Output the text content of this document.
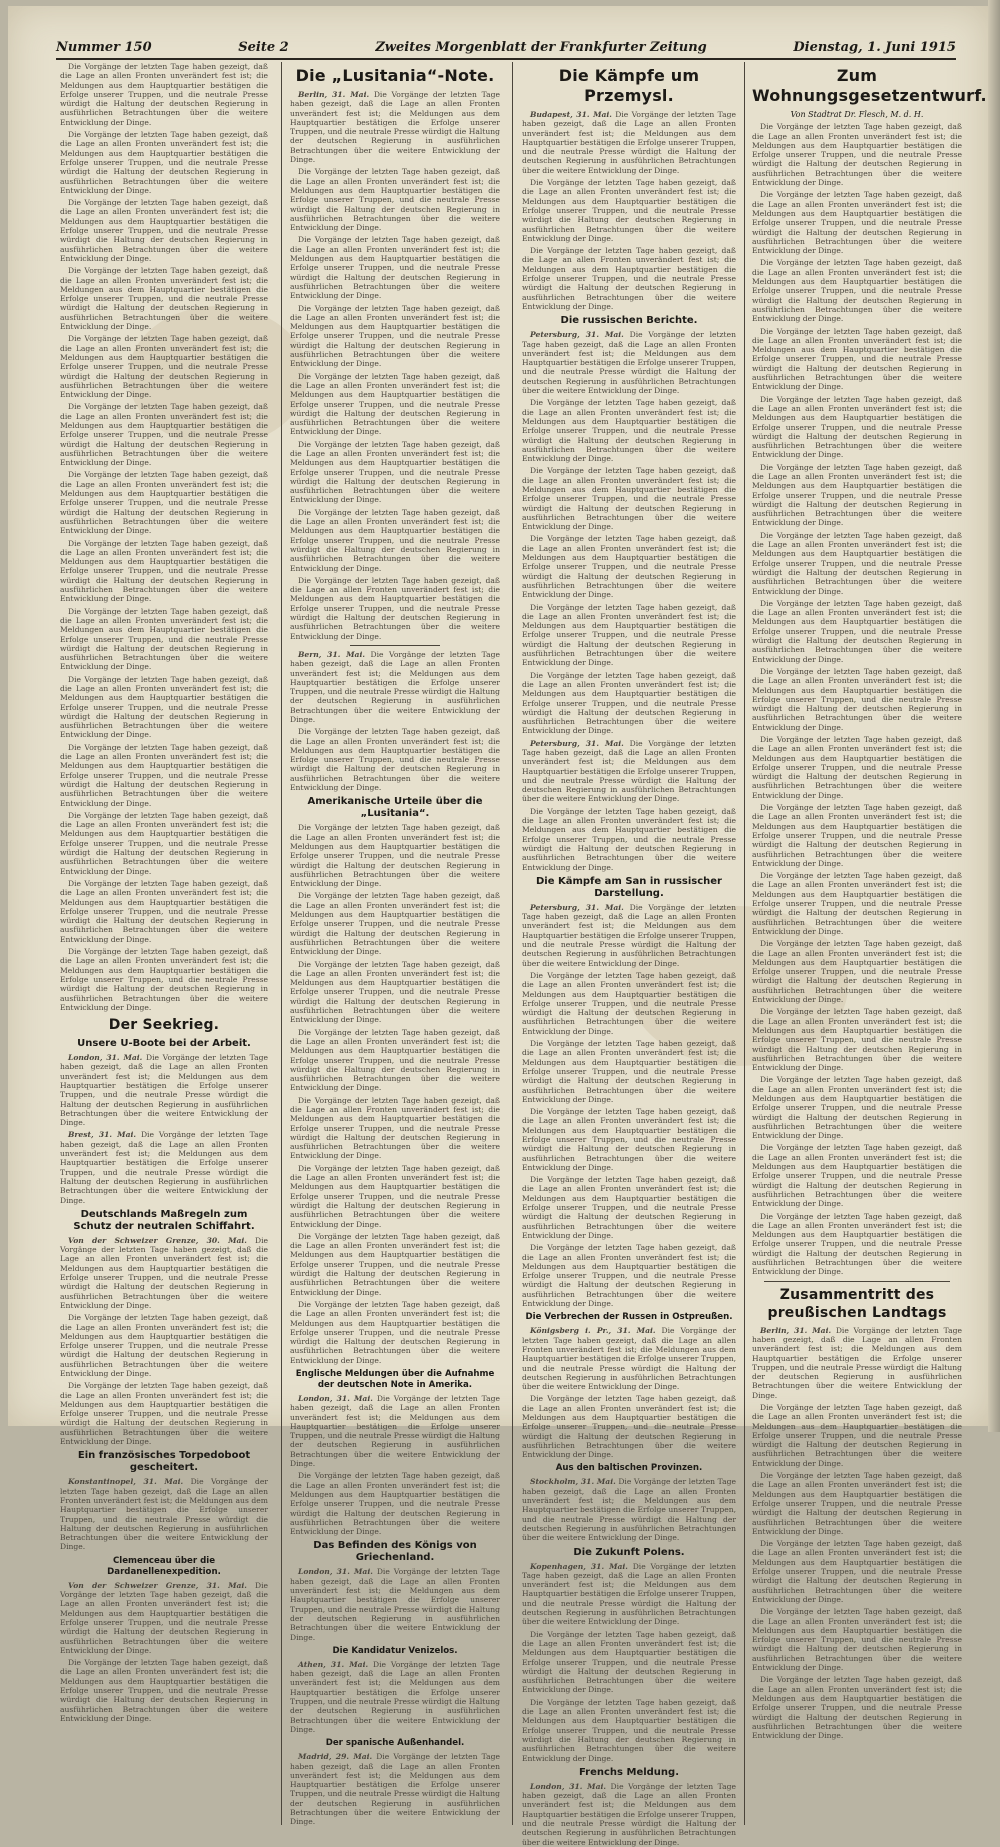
Nummer 150	Seite 2	Zweites Morgenblatt der Frankfurter Zeitung	Dienstag, 1. Juni 1915

Die Vorgänge der letzten Tage haben gezeigt, daß die Lage an allen Fronten unverändert fest ist; die Meldungen aus dem Hauptquartier bestätigen die Erfolge unserer Truppen, und die neutrale Presse würdigt die Haltung der deutschen Regierung in ausführlichen Betrachtungen über die weitere Entwicklung der Dinge.

Die Vorgänge der letzten Tage haben gezeigt, daß die Lage an allen Fronten unverändert fest ist; die Meldungen aus dem Hauptquartier bestätigen die Erfolge unserer Truppen, und die neutrale Presse würdigt die Haltung der deutschen Regierung in ausführlichen Betrachtungen über die weitere Entwicklung der Dinge.

Die Vorgänge der letzten Tage haben gezeigt, daß die Lage an allen Fronten unverändert fest ist; die Meldungen aus dem Hauptquartier bestätigen die Erfolge unserer Truppen, und die neutrale Presse würdigt die Haltung der deutschen Regierung in ausführlichen Betrachtungen über die weitere Entwicklung der Dinge.

Die Vorgänge der letzten Tage haben gezeigt, daß die Lage an allen Fronten unverändert fest ist; die Meldungen aus dem Hauptquartier bestätigen die Erfolge unserer Truppen, und die neutrale Presse würdigt die Haltung der deutschen Regierung in ausführlichen Betrachtungen über die weitere Entwicklung der Dinge.

Die Vorgänge der letzten Tage haben gezeigt, daß die Lage an allen Fronten unverändert fest ist; die Meldungen aus dem Hauptquartier bestätigen die Erfolge unserer Truppen, und die neutrale Presse würdigt die Haltung der deutschen Regierung in ausführlichen Betrachtungen über die weitere Entwicklung der Dinge.

Die Vorgänge der letzten Tage haben gezeigt, daß die Lage an allen Fronten unverändert fest ist; die Meldungen aus dem Hauptquartier bestätigen die Erfolge unserer Truppen, und die neutrale Presse würdigt die Haltung der deutschen Regierung in ausführlichen Betrachtungen über die weitere Entwicklung der Dinge.

Die Vorgänge der letzten Tage haben gezeigt, daß die Lage an allen Fronten unverändert fest ist; die Meldungen aus dem Hauptquartier bestätigen die Erfolge unserer Truppen, und die neutrale Presse würdigt die Haltung der deutschen Regierung in ausführlichen Betrachtungen über die weitere Entwicklung der Dinge.

Die Vorgänge der letzten Tage haben gezeigt, daß die Lage an allen Fronten unverändert fest ist; die Meldungen aus dem Hauptquartier bestätigen die Erfolge unserer Truppen, und die neutrale Presse würdigt die Haltung der deutschen Regierung in ausführlichen Betrachtungen über die weitere Entwicklung der Dinge.

Die Vorgänge der letzten Tage haben gezeigt, daß die Lage an allen Fronten unverändert fest ist; die Meldungen aus dem Hauptquartier bestätigen die Erfolge unserer Truppen, und die neutrale Presse würdigt die Haltung der deutschen Regierung in ausführlichen Betrachtungen über die weitere Entwicklung der Dinge.

Die Vorgänge der letzten Tage haben gezeigt, daß die Lage an allen Fronten unverändert fest ist; die Meldungen aus dem Hauptquartier bestätigen die Erfolge unserer Truppen, und die neutrale Presse würdigt die Haltung der deutschen Regierung in ausführlichen Betrachtungen über die weitere Entwicklung der Dinge.

Die Vorgänge der letzten Tage haben gezeigt, daß die Lage an allen Fronten unverändert fest ist; die Meldungen aus dem Hauptquartier bestätigen die Erfolge unserer Truppen, und die neutrale Presse würdigt die Haltung der deutschen Regierung in ausführlichen Betrachtungen über die weitere Entwicklung der Dinge.

Die Vorgänge der letzten Tage haben gezeigt, daß die Lage an allen Fronten unverändert fest ist; die Meldungen aus dem Hauptquartier bestätigen die Erfolge unserer Truppen, und die neutrale Presse würdigt die Haltung der deutschen Regierung in ausführlichen Betrachtungen über die weitere Entwicklung der Dinge.

Die Vorgänge der letzten Tage haben gezeigt, daß die Lage an allen Fronten unverändert fest ist; die Meldungen aus dem Hauptquartier bestätigen die Erfolge unserer Truppen, und die neutrale Presse würdigt die Haltung der deutschen Regierung in ausführlichen Betrachtungen über die weitere Entwicklung der Dinge.

Die Vorgänge der letzten Tage haben gezeigt, daß die Lage an allen Fronten unverändert fest ist; die Meldungen aus dem Hauptquartier bestätigen die Erfolge unserer Truppen, und die neutrale Presse würdigt die Haltung der deutschen Regierung in ausführlichen Betrachtungen über die weitere Entwicklung der Dinge.

Der Seekrieg.
Unsere U-Boote bei der Arbeit.

London, 31. Mai. Die Vorgänge der letzten Tage haben gezeigt, daß die Lage an allen Fronten unverändert fest ist; die Meldungen aus dem Hauptquartier bestätigen die Erfolge unserer Truppen, und die neutrale Presse würdigt die Haltung der deutschen Regierung in ausführlichen Betrachtungen über die weitere Entwicklung der Dinge.

Brest, 31. Mai. Die Vorgänge der letzten Tage haben gezeigt, daß die Lage an allen Fronten unverändert fest ist; die Meldungen aus dem Hauptquartier bestätigen die Erfolge unserer Truppen, und die neutrale Presse würdigt die Haltung der deutschen Regierung in ausführlichen Betrachtungen über die weitere Entwicklung der Dinge.

Deutschlands Maßregeln zum Schutz der neutralen Schiffahrt.

Von der Schweizer Grenze, 30. Mai. Die Vorgänge der letzten Tage haben gezeigt, daß die Lage an allen Fronten unverändert fest ist; die Meldungen aus dem Hauptquartier bestätigen die Erfolge unserer Truppen, und die neutrale Presse würdigt die Haltung der deutschen Regierung in ausführlichen Betrachtungen über die weitere Entwicklung der Dinge.

Die Vorgänge der letzten Tage haben gezeigt, daß die Lage an allen Fronten unverändert fest ist; die Meldungen aus dem Hauptquartier bestätigen die Erfolge unserer Truppen, und die neutrale Presse würdigt die Haltung der deutschen Regierung in ausführlichen Betrachtungen über die weitere Entwicklung der Dinge.

Die Vorgänge der letzten Tage haben gezeigt, daß die Lage an allen Fronten unverändert fest ist; die Meldungen aus dem Hauptquartier bestätigen die Erfolge unserer Truppen, und die neutrale Presse würdigt die Haltung der deutschen Regierung in ausführlichen Betrachtungen über die weitere Entwicklung der Dinge.

Ein französisches Torpedoboot gescheitert.

Konstantinopel, 31. Mai. Die Vorgänge der letzten Tage haben gezeigt, daß die Lage an allen Fronten unverändert fest ist; die Meldungen aus dem Hauptquartier bestätigen die Erfolge unserer Truppen, und die neutrale Presse würdigt die Haltung der deutschen Regierung in ausführlichen Betrachtungen über die weitere Entwicklung der Dinge.

Clemenceau über die Dardanellenexpedition.

Von der Schweizer Grenze, 31. Mai. Die Vorgänge der letzten Tage haben gezeigt, daß die Lage an allen Fronten unverändert fest ist; die Meldungen aus dem Hauptquartier bestätigen die Erfolge unserer Truppen, und die neutrale Presse würdigt die Haltung der deutschen Regierung in ausführlichen Betrachtungen über die weitere Entwicklung der Dinge.

Die Vorgänge der letzten Tage haben gezeigt, daß die Lage an allen Fronten unverändert fest ist; die Meldungen aus dem Hauptquartier bestätigen die Erfolge unserer Truppen, und die neutrale Presse würdigt die Haltung der deutschen Regierung in ausführlichen Betrachtungen über die weitere Entwicklung der Dinge.

Die „Lusitania“-Note.

Berlin, 31. Mai. Die Vorgänge der letzten Tage haben gezeigt, daß die Lage an allen Fronten unverändert fest ist; die Meldungen aus dem Hauptquartier bestätigen die Erfolge unserer Truppen, und die neutrale Presse würdigt die Haltung der deutschen Regierung in ausführlichen Betrachtungen über die weitere Entwicklung der Dinge.

Die Vorgänge der letzten Tage haben gezeigt, daß die Lage an allen Fronten unverändert fest ist; die Meldungen aus dem Hauptquartier bestätigen die Erfolge unserer Truppen, und die neutrale Presse würdigt die Haltung der deutschen Regierung in ausführlichen Betrachtungen über die weitere Entwicklung der Dinge.

Die Vorgänge der letzten Tage haben gezeigt, daß die Lage an allen Fronten unverändert fest ist; die Meldungen aus dem Hauptquartier bestätigen die Erfolge unserer Truppen, und die neutrale Presse würdigt die Haltung der deutschen Regierung in ausführlichen Betrachtungen über die weitere Entwicklung der Dinge.

Die Vorgänge der letzten Tage haben gezeigt, daß die Lage an allen Fronten unverändert fest ist; die Meldungen aus dem Hauptquartier bestätigen die Erfolge unserer Truppen, und die neutrale Presse würdigt die Haltung der deutschen Regierung in ausführlichen Betrachtungen über die weitere Entwicklung der Dinge.

Die Vorgänge der letzten Tage haben gezeigt, daß die Lage an allen Fronten unverändert fest ist; die Meldungen aus dem Hauptquartier bestätigen die Erfolge unserer Truppen, und die neutrale Presse würdigt die Haltung der deutschen Regierung in ausführlichen Betrachtungen über die weitere Entwicklung der Dinge.

Die Vorgänge der letzten Tage haben gezeigt, daß die Lage an allen Fronten unverändert fest ist; die Meldungen aus dem Hauptquartier bestätigen die Erfolge unserer Truppen, und die neutrale Presse würdigt die Haltung der deutschen Regierung in ausführlichen Betrachtungen über die weitere Entwicklung der Dinge.

Die Vorgänge der letzten Tage haben gezeigt, daß die Lage an allen Fronten unverändert fest ist; die Meldungen aus dem Hauptquartier bestätigen die Erfolge unserer Truppen, und die neutrale Presse würdigt die Haltung der deutschen Regierung in ausführlichen Betrachtungen über die weitere Entwicklung der Dinge.

Die Vorgänge der letzten Tage haben gezeigt, daß die Lage an allen Fronten unverändert fest ist; die Meldungen aus dem Hauptquartier bestätigen die Erfolge unserer Truppen, und die neutrale Presse würdigt die Haltung der deutschen Regierung in ausführlichen Betrachtungen über die weitere Entwicklung der Dinge.

Bern, 31. Mai. Die Vorgänge der letzten Tage haben gezeigt, daß die Lage an allen Fronten unverändert fest ist; die Meldungen aus dem Hauptquartier bestätigen die Erfolge unserer Truppen, und die neutrale Presse würdigt die Haltung der deutschen Regierung in ausführlichen Betrachtungen über die weitere Entwicklung der Dinge.

Die Vorgänge der letzten Tage haben gezeigt, daß die Lage an allen Fronten unverändert fest ist; die Meldungen aus dem Hauptquartier bestätigen die Erfolge unserer Truppen, und die neutrale Presse würdigt die Haltung der deutschen Regierung in ausführlichen Betrachtungen über die weitere Entwicklung der Dinge.

Amerikanische Urteile über die „Lusitania“.

Die Vorgänge der letzten Tage haben gezeigt, daß die Lage an allen Fronten unverändert fest ist; die Meldungen aus dem Hauptquartier bestätigen die Erfolge unserer Truppen, und die neutrale Presse würdigt die Haltung der deutschen Regierung in ausführlichen Betrachtungen über die weitere Entwicklung der Dinge.

Die Vorgänge der letzten Tage haben gezeigt, daß die Lage an allen Fronten unverändert fest ist; die Meldungen aus dem Hauptquartier bestätigen die Erfolge unserer Truppen, und die neutrale Presse würdigt die Haltung der deutschen Regierung in ausführlichen Betrachtungen über die weitere Entwicklung der Dinge.

Die Vorgänge der letzten Tage haben gezeigt, daß die Lage an allen Fronten unverändert fest ist; die Meldungen aus dem Hauptquartier bestätigen die Erfolge unserer Truppen, und die neutrale Presse würdigt die Haltung der deutschen Regierung in ausführlichen Betrachtungen über die weitere Entwicklung der Dinge.

Die Vorgänge der letzten Tage haben gezeigt, daß die Lage an allen Fronten unverändert fest ist; die Meldungen aus dem Hauptquartier bestätigen die Erfolge unserer Truppen, und die neutrale Presse würdigt die Haltung der deutschen Regierung in ausführlichen Betrachtungen über die weitere Entwicklung der Dinge.

Die Vorgänge der letzten Tage haben gezeigt, daß die Lage an allen Fronten unverändert fest ist; die Meldungen aus dem Hauptquartier bestätigen die Erfolge unserer Truppen, und die neutrale Presse würdigt die Haltung der deutschen Regierung in ausführlichen Betrachtungen über die weitere Entwicklung der Dinge.

Die Vorgänge der letzten Tage haben gezeigt, daß die Lage an allen Fronten unverändert fest ist; die Meldungen aus dem Hauptquartier bestätigen die Erfolge unserer Truppen, und die neutrale Presse würdigt die Haltung der deutschen Regierung in ausführlichen Betrachtungen über die weitere Entwicklung der Dinge.

Die Vorgänge der letzten Tage haben gezeigt, daß die Lage an allen Fronten unverändert fest ist; die Meldungen aus dem Hauptquartier bestätigen die Erfolge unserer Truppen, und die neutrale Presse würdigt die Haltung der deutschen Regierung in ausführlichen Betrachtungen über die weitere Entwicklung der Dinge.

Die Vorgänge der letzten Tage haben gezeigt, daß die Lage an allen Fronten unverändert fest ist; die Meldungen aus dem Hauptquartier bestätigen die Erfolge unserer Truppen, und die neutrale Presse würdigt die Haltung der deutschen Regierung in ausführlichen Betrachtungen über die weitere Entwicklung der Dinge.

Englische Meldungen über die Aufnahme der deutschen Note in Amerika.

London, 31. Mai. Die Vorgänge der letzten Tage haben gezeigt, daß die Lage an allen Fronten unverändert fest ist; die Meldungen aus dem Hauptquartier bestätigen die Erfolge unserer Truppen, und die neutrale Presse würdigt die Haltung der deutschen Regierung in ausführlichen Betrachtungen über die weitere Entwicklung der Dinge.

Die Vorgänge der letzten Tage haben gezeigt, daß die Lage an allen Fronten unverändert fest ist; die Meldungen aus dem Hauptquartier bestätigen die Erfolge unserer Truppen, und die neutrale Presse würdigt die Haltung der deutschen Regierung in ausführlichen Betrachtungen über die weitere Entwicklung der Dinge.

Das Befinden des Königs von Griechenland.

London, 31. Mai. Die Vorgänge der letzten Tage haben gezeigt, daß die Lage an allen Fronten unverändert fest ist; die Meldungen aus dem Hauptquartier bestätigen die Erfolge unserer Truppen, und die neutrale Presse würdigt die Haltung der deutschen Regierung in ausführlichen Betrachtungen über die weitere Entwicklung der Dinge.

Die Kandidatur Venizelos.

Athen, 31. Mai. Die Vorgänge der letzten Tage haben gezeigt, daß die Lage an allen Fronten unverändert fest ist; die Meldungen aus dem Hauptquartier bestätigen die Erfolge unserer Truppen, und die neutrale Presse würdigt die Haltung der deutschen Regierung in ausführlichen Betrachtungen über die weitere Entwicklung der Dinge.

Der spanische Außenhandel.

Madrid, 29. Mai. Die Vorgänge der letzten Tage haben gezeigt, daß die Lage an allen Fronten unverändert fest ist; die Meldungen aus dem Hauptquartier bestätigen die Erfolge unserer Truppen, und die neutrale Presse würdigt die Haltung der deutschen Regierung in ausführlichen Betrachtungen über die weitere Entwicklung der Dinge.

Die Kämpfe um Przemysl.

Budapest, 31. Mai. Die Vorgänge der letzten Tage haben gezeigt, daß die Lage an allen Fronten unverändert fest ist; die Meldungen aus dem Hauptquartier bestätigen die Erfolge unserer Truppen, und die neutrale Presse würdigt die Haltung der deutschen Regierung in ausführlichen Betrachtungen über die weitere Entwicklung der Dinge.

Die Vorgänge der letzten Tage haben gezeigt, daß die Lage an allen Fronten unverändert fest ist; die Meldungen aus dem Hauptquartier bestätigen die Erfolge unserer Truppen, und die neutrale Presse würdigt die Haltung der deutschen Regierung in ausführlichen Betrachtungen über die weitere Entwicklung der Dinge.

Die Vorgänge der letzten Tage haben gezeigt, daß die Lage an allen Fronten unverändert fest ist; die Meldungen aus dem Hauptquartier bestätigen die Erfolge unserer Truppen, und die neutrale Presse würdigt die Haltung der deutschen Regierung in ausführlichen Betrachtungen über die weitere Entwicklung der Dinge.

Die russischen Berichte.

Petersburg, 31. Mai. Die Vorgänge der letzten Tage haben gezeigt, daß die Lage an allen Fronten unverändert fest ist; die Meldungen aus dem Hauptquartier bestätigen die Erfolge unserer Truppen, und die neutrale Presse würdigt die Haltung der deutschen Regierung in ausführlichen Betrachtungen über die weitere Entwicklung der Dinge.

Die Vorgänge der letzten Tage haben gezeigt, daß die Lage an allen Fronten unverändert fest ist; die Meldungen aus dem Hauptquartier bestätigen die Erfolge unserer Truppen, und die neutrale Presse würdigt die Haltung der deutschen Regierung in ausführlichen Betrachtungen über die weitere Entwicklung der Dinge.

Die Vorgänge der letzten Tage haben gezeigt, daß die Lage an allen Fronten unverändert fest ist; die Meldungen aus dem Hauptquartier bestätigen die Erfolge unserer Truppen, und die neutrale Presse würdigt die Haltung der deutschen Regierung in ausführlichen Betrachtungen über die weitere Entwicklung der Dinge.

Die Vorgänge der letzten Tage haben gezeigt, daß die Lage an allen Fronten unverändert fest ist; die Meldungen aus dem Hauptquartier bestätigen die Erfolge unserer Truppen, und die neutrale Presse würdigt die Haltung der deutschen Regierung in ausführlichen Betrachtungen über die weitere Entwicklung der Dinge.

Die Vorgänge der letzten Tage haben gezeigt, daß die Lage an allen Fronten unverändert fest ist; die Meldungen aus dem Hauptquartier bestätigen die Erfolge unserer Truppen, und die neutrale Presse würdigt die Haltung der deutschen Regierung in ausführlichen Betrachtungen über die weitere Entwicklung der Dinge.

Die Vorgänge der letzten Tage haben gezeigt, daß die Lage an allen Fronten unverändert fest ist; die Meldungen aus dem Hauptquartier bestätigen die Erfolge unserer Truppen, und die neutrale Presse würdigt die Haltung der deutschen Regierung in ausführlichen Betrachtungen über die weitere Entwicklung der Dinge.

Petersburg, 31. Mai. Die Vorgänge der letzten Tage haben gezeigt, daß die Lage an allen Fronten unverändert fest ist; die Meldungen aus dem Hauptquartier bestätigen die Erfolge unserer Truppen, und die neutrale Presse würdigt die Haltung der deutschen Regierung in ausführlichen Betrachtungen über die weitere Entwicklung der Dinge.

Die Vorgänge der letzten Tage haben gezeigt, daß die Lage an allen Fronten unverändert fest ist; die Meldungen aus dem Hauptquartier bestätigen die Erfolge unserer Truppen, und die neutrale Presse würdigt die Haltung der deutschen Regierung in ausführlichen Betrachtungen über die weitere Entwicklung der Dinge.

Die Kämpfe am San in russischer Darstellung.

Petersburg, 31. Mai. Die Vorgänge der letzten Tage haben gezeigt, daß die Lage an allen Fronten unverändert fest ist; die Meldungen aus dem Hauptquartier bestätigen die Erfolge unserer Truppen, und die neutrale Presse würdigt die Haltung der deutschen Regierung in ausführlichen Betrachtungen über die weitere Entwicklung der Dinge.

Die Vorgänge der letzten Tage haben gezeigt, daß die Lage an allen Fronten unverändert fest ist; die Meldungen aus dem Hauptquartier bestätigen die Erfolge unserer Truppen, und die neutrale Presse würdigt die Haltung der deutschen Regierung in ausführlichen Betrachtungen über die weitere Entwicklung der Dinge.

Die Vorgänge der letzten Tage haben gezeigt, daß die Lage an allen Fronten unverändert fest ist; die Meldungen aus dem Hauptquartier bestätigen die Erfolge unserer Truppen, und die neutrale Presse würdigt die Haltung der deutschen Regierung in ausführlichen Betrachtungen über die weitere Entwicklung der Dinge.

Die Vorgänge der letzten Tage haben gezeigt, daß die Lage an allen Fronten unverändert fest ist; die Meldungen aus dem Hauptquartier bestätigen die Erfolge unserer Truppen, und die neutrale Presse würdigt die Haltung der deutschen Regierung in ausführlichen Betrachtungen über die weitere Entwicklung der Dinge.

Die Vorgänge der letzten Tage haben gezeigt, daß die Lage an allen Fronten unverändert fest ist; die Meldungen aus dem Hauptquartier bestätigen die Erfolge unserer Truppen, und die neutrale Presse würdigt die Haltung der deutschen Regierung in ausführlichen Betrachtungen über die weitere Entwicklung der Dinge.

Die Vorgänge der letzten Tage haben gezeigt, daß die Lage an allen Fronten unverändert fest ist; die Meldungen aus dem Hauptquartier bestätigen die Erfolge unserer Truppen, und die neutrale Presse würdigt die Haltung der deutschen Regierung in ausführlichen Betrachtungen über die weitere Entwicklung der Dinge.

Die Verbrechen der Russen in Ostpreußen.

Königsberg i. Pr., 31. Mai. Die Vorgänge der letzten Tage haben gezeigt, daß die Lage an allen Fronten unverändert fest ist; die Meldungen aus dem Hauptquartier bestätigen die Erfolge unserer Truppen, und die neutrale Presse würdigt die Haltung der deutschen Regierung in ausführlichen Betrachtungen über die weitere Entwicklung der Dinge.

Die Vorgänge der letzten Tage haben gezeigt, daß die Lage an allen Fronten unverändert fest ist; die Meldungen aus dem Hauptquartier bestätigen die Erfolge unserer Truppen, und die neutrale Presse würdigt die Haltung der deutschen Regierung in ausführlichen Betrachtungen über die weitere Entwicklung der Dinge.

Aus den baltischen Provinzen.

Stockholm, 31. Mai. Die Vorgänge der letzten Tage haben gezeigt, daß die Lage an allen Fronten unverändert fest ist; die Meldungen aus dem Hauptquartier bestätigen die Erfolge unserer Truppen, und die neutrale Presse würdigt die Haltung der deutschen Regierung in ausführlichen Betrachtungen über die weitere Entwicklung der Dinge.

Die Zukunft Polens.

Kopenhagen, 31. Mai. Die Vorgänge der letzten Tage haben gezeigt, daß die Lage an allen Fronten unverändert fest ist; die Meldungen aus dem Hauptquartier bestätigen die Erfolge unserer Truppen, und die neutrale Presse würdigt die Haltung der deutschen Regierung in ausführlichen Betrachtungen über die weitere Entwicklung der Dinge.

Die Vorgänge der letzten Tage haben gezeigt, daß die Lage an allen Fronten unverändert fest ist; die Meldungen aus dem Hauptquartier bestätigen die Erfolge unserer Truppen, und die neutrale Presse würdigt die Haltung der deutschen Regierung in ausführlichen Betrachtungen über die weitere Entwicklung der Dinge.

Die Vorgänge der letzten Tage haben gezeigt, daß die Lage an allen Fronten unverändert fest ist; die Meldungen aus dem Hauptquartier bestätigen die Erfolge unserer Truppen, und die neutrale Presse würdigt die Haltung der deutschen Regierung in ausführlichen Betrachtungen über die weitere Entwicklung der Dinge.

Frenchs Meldung.

London, 31. Mai. Die Vorgänge der letzten Tage haben gezeigt, daß die Lage an allen Fronten unverändert fest ist; die Meldungen aus dem Hauptquartier bestätigen die Erfolge unserer Truppen, und die neutrale Presse würdigt die Haltung der deutschen Regierung in ausführlichen Betrachtungen über die weitere Entwicklung der Dinge.

Zum Wohnungsgesetzentwurf.
Von Stadtrat Dr. Flesch, M. d. H.

Die Vorgänge der letzten Tage haben gezeigt, daß die Lage an allen Fronten unverändert fest ist; die Meldungen aus dem Hauptquartier bestätigen die Erfolge unserer Truppen, und die neutrale Presse würdigt die Haltung der deutschen Regierung in ausführlichen Betrachtungen über die weitere Entwicklung der Dinge.

Die Vorgänge der letzten Tage haben gezeigt, daß die Lage an allen Fronten unverändert fest ist; die Meldungen aus dem Hauptquartier bestätigen die Erfolge unserer Truppen, und die neutrale Presse würdigt die Haltung der deutschen Regierung in ausführlichen Betrachtungen über die weitere Entwicklung der Dinge.

Die Vorgänge der letzten Tage haben gezeigt, daß die Lage an allen Fronten unverändert fest ist; die Meldungen aus dem Hauptquartier bestätigen die Erfolge unserer Truppen, und die neutrale Presse würdigt die Haltung der deutschen Regierung in ausführlichen Betrachtungen über die weitere Entwicklung der Dinge.

Die Vorgänge der letzten Tage haben gezeigt, daß die Lage an allen Fronten unverändert fest ist; die Meldungen aus dem Hauptquartier bestätigen die Erfolge unserer Truppen, und die neutrale Presse würdigt die Haltung der deutschen Regierung in ausführlichen Betrachtungen über die weitere Entwicklung der Dinge.

Die Vorgänge der letzten Tage haben gezeigt, daß die Lage an allen Fronten unverändert fest ist; die Meldungen aus dem Hauptquartier bestätigen die Erfolge unserer Truppen, und die neutrale Presse würdigt die Haltung der deutschen Regierung in ausführlichen Betrachtungen über die weitere Entwicklung der Dinge.

Die Vorgänge der letzten Tage haben gezeigt, daß die Lage an allen Fronten unverändert fest ist; die Meldungen aus dem Hauptquartier bestätigen die Erfolge unserer Truppen, und die neutrale Presse würdigt die Haltung der deutschen Regierung in ausführlichen Betrachtungen über die weitere Entwicklung der Dinge.

Die Vorgänge der letzten Tage haben gezeigt, daß die Lage an allen Fronten unverändert fest ist; die Meldungen aus dem Hauptquartier bestätigen die Erfolge unserer Truppen, und die neutrale Presse würdigt die Haltung der deutschen Regierung in ausführlichen Betrachtungen über die weitere Entwicklung der Dinge.

Die Vorgänge der letzten Tage haben gezeigt, daß die Lage an allen Fronten unverändert fest ist; die Meldungen aus dem Hauptquartier bestätigen die Erfolge unserer Truppen, und die neutrale Presse würdigt die Haltung der deutschen Regierung in ausführlichen Betrachtungen über die weitere Entwicklung der Dinge.

Die Vorgänge der letzten Tage haben gezeigt, daß die Lage an allen Fronten unverändert fest ist; die Meldungen aus dem Hauptquartier bestätigen die Erfolge unserer Truppen, und die neutrale Presse würdigt die Haltung der deutschen Regierung in ausführlichen Betrachtungen über die weitere Entwicklung der Dinge.

Die Vorgänge der letzten Tage haben gezeigt, daß die Lage an allen Fronten unverändert fest ist; die Meldungen aus dem Hauptquartier bestätigen die Erfolge unserer Truppen, und die neutrale Presse würdigt die Haltung der deutschen Regierung in ausführlichen Betrachtungen über die weitere Entwicklung der Dinge.

Die Vorgänge der letzten Tage haben gezeigt, daß die Lage an allen Fronten unverändert fest ist; die Meldungen aus dem Hauptquartier bestätigen die Erfolge unserer Truppen, und die neutrale Presse würdigt die Haltung der deutschen Regierung in ausführlichen Betrachtungen über die weitere Entwicklung der Dinge.

Die Vorgänge der letzten Tage haben gezeigt, daß die Lage an allen Fronten unverändert fest ist; die Meldungen aus dem Hauptquartier bestätigen die Erfolge unserer Truppen, und die neutrale Presse würdigt die Haltung der deutschen Regierung in ausführlichen Betrachtungen über die weitere Entwicklung der Dinge.

Die Vorgänge der letzten Tage haben gezeigt, daß die Lage an allen Fronten unverändert fest ist; die Meldungen aus dem Hauptquartier bestätigen die Erfolge unserer Truppen, und die neutrale Presse würdigt die Haltung der deutschen Regierung in ausführlichen Betrachtungen über die weitere Entwicklung der Dinge.

Die Vorgänge der letzten Tage haben gezeigt, daß die Lage an allen Fronten unverändert fest ist; die Meldungen aus dem Hauptquartier bestätigen die Erfolge unserer Truppen, und die neutrale Presse würdigt die Haltung der deutschen Regierung in ausführlichen Betrachtungen über die weitere Entwicklung der Dinge.

Die Vorgänge der letzten Tage haben gezeigt, daß die Lage an allen Fronten unverändert fest ist; die Meldungen aus dem Hauptquartier bestätigen die Erfolge unserer Truppen, und die neutrale Presse würdigt die Haltung der deutschen Regierung in ausführlichen Betrachtungen über die weitere Entwicklung der Dinge.

Die Vorgänge der letzten Tage haben gezeigt, daß die Lage an allen Fronten unverändert fest ist; die Meldungen aus dem Hauptquartier bestätigen die Erfolge unserer Truppen, und die neutrale Presse würdigt die Haltung der deutschen Regierung in ausführlichen Betrachtungen über die weitere Entwicklung der Dinge.

Die Vorgänge der letzten Tage haben gezeigt, daß die Lage an allen Fronten unverändert fest ist; die Meldungen aus dem Hauptquartier bestätigen die Erfolge unserer Truppen, und die neutrale Presse würdigt die Haltung der deutschen Regierung in ausführlichen Betrachtungen über die weitere Entwicklung der Dinge.

Zusammentritt des preußischen Landtags

Berlin, 31. Mai. Die Vorgänge der letzten Tage haben gezeigt, daß die Lage an allen Fronten unverändert fest ist; die Meldungen aus dem Hauptquartier bestätigen die Erfolge unserer Truppen, und die neutrale Presse würdigt die Haltung der deutschen Regierung in ausführlichen Betrachtungen über die weitere Entwicklung der Dinge.

Die Vorgänge der letzten Tage haben gezeigt, daß die Lage an allen Fronten unverändert fest ist; die Meldungen aus dem Hauptquartier bestätigen die Erfolge unserer Truppen, und die neutrale Presse würdigt die Haltung der deutschen Regierung in ausführlichen Betrachtungen über die weitere Entwicklung der Dinge.

Die Vorgänge der letzten Tage haben gezeigt, daß die Lage an allen Fronten unverändert fest ist; die Meldungen aus dem Hauptquartier bestätigen die Erfolge unserer Truppen, und die neutrale Presse würdigt die Haltung der deutschen Regierung in ausführlichen Betrachtungen über die weitere Entwicklung der Dinge.

Die Vorgänge der letzten Tage haben gezeigt, daß die Lage an allen Fronten unverändert fest ist; die Meldungen aus dem Hauptquartier bestätigen die Erfolge unserer Truppen, und die neutrale Presse würdigt die Haltung der deutschen Regierung in ausführlichen Betrachtungen über die weitere Entwicklung der Dinge.

Die Vorgänge der letzten Tage haben gezeigt, daß die Lage an allen Fronten unverändert fest ist; die Meldungen aus dem Hauptquartier bestätigen die Erfolge unserer Truppen, und die neutrale Presse würdigt die Haltung der deutschen Regierung in ausführlichen Betrachtungen über die weitere Entwicklung der Dinge.

Die Vorgänge der letzten Tage haben gezeigt, daß die Lage an allen Fronten unverändert fest ist; die Meldungen aus dem Hauptquartier bestätigen die Erfolge unserer Truppen, und die neutrale Presse würdigt die Haltung der deutschen Regierung in ausführlichen Betrachtungen über die weitere Entwicklung der Dinge.
